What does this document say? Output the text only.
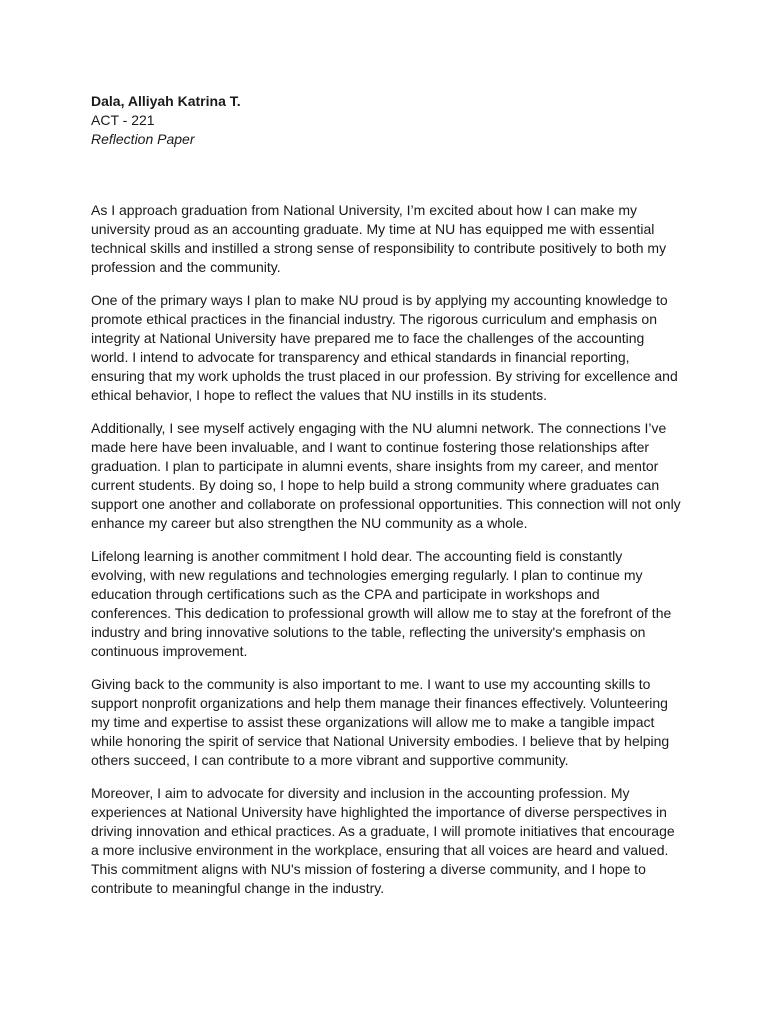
Dala, Alliyah Katrina T.
ACT - 221
Reflection Paper

As I approach graduation from National University, I’m excited about how I can make my university proud as an accounting graduate. My time at NU has equipped me with essential technical skills and instilled a strong sense of responsibility to contribute positively to both my profession and the community.

One of the primary ways I plan to make NU proud is by applying my accounting knowledge to promote ethical practices in the financial industry. The rigorous curriculum and emphasis on integrity at National University have prepared me to face the challenges of the accounting world. I intend to advocate for transparency and ethical standards in financial reporting, ensuring that my work upholds the trust placed in our profession. By striving for excellence and ethical behavior, I hope to reflect the values that NU instills in its students.

Additionally, I see myself actively engaging with the NU alumni network. The connections I’ve made here have been invaluable, and I want to continue fostering those relationships after graduation. I plan to participate in alumni events, share insights from my career, and mentor current students. By doing so, I hope to help build a strong community where graduates can support one another and collaborate on professional opportunities. This connection will not only enhance my career but also strengthen the NU community as a whole.

Lifelong learning is another commitment I hold dear. The accounting field is constantly evolving, with new regulations and technologies emerging regularly. I plan to continue my education through certifications such as the CPA and participate in workshops and conferences. This dedication to professional growth will allow me to stay at the forefront of the industry and bring innovative solutions to the table, reflecting the university's emphasis on continuous improvement.

Giving back to the community is also important to me. I want to use my accounting skills to support nonprofit organizations and help them manage their finances effectively. Volunteering my time and expertise to assist these organizations will allow me to make a tangible impact while honoring the spirit of service that National University embodies. I believe that by helping others succeed, I can contribute to a more vibrant and supportive community.

Moreover, I aim to advocate for diversity and inclusion in the accounting profession. My experiences at National University have highlighted the importance of diverse perspectives in driving innovation and ethical practices. As a graduate, I will promote initiatives that encourage a more inclusive environment in the workplace, ensuring that all voices are heard and valued. This commitment aligns with NU's mission of fostering a diverse community, and I hope to contribute to meaningful change in the industry.
